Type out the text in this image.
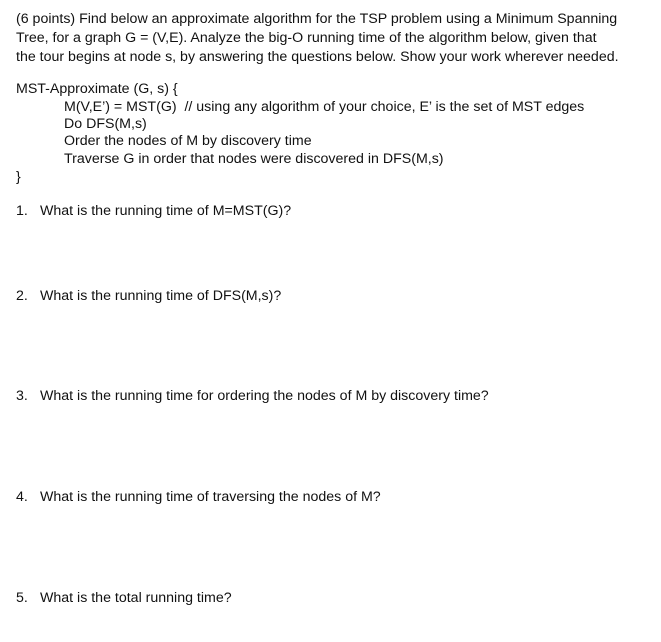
(6 points) Find below an approximate algorithm for the TSP problem using a Minimum Spanning
Tree, for a graph G = (V,E). Analyze the big-O running time of the algorithm below, given that
the tour begins at node s, by answering the questions below. Show your work wherever needed.
MST-Approximate (G, s) {
M(V,E’) = MST(G)  // using any algorithm of your choice, E’ is the set of MST edges
Do DFS(M,s)
Order the nodes of M by discovery time
Traverse G in order that nodes were discovered in DFS(M,s)
}
1. What is the running time of M=MST(G)?
2. What is the running time of DFS(M,s)?
3. What is the running time for ordering the nodes of M by discovery time?
4. What is the running time of traversing the nodes of M?
5. What is the total running time?
